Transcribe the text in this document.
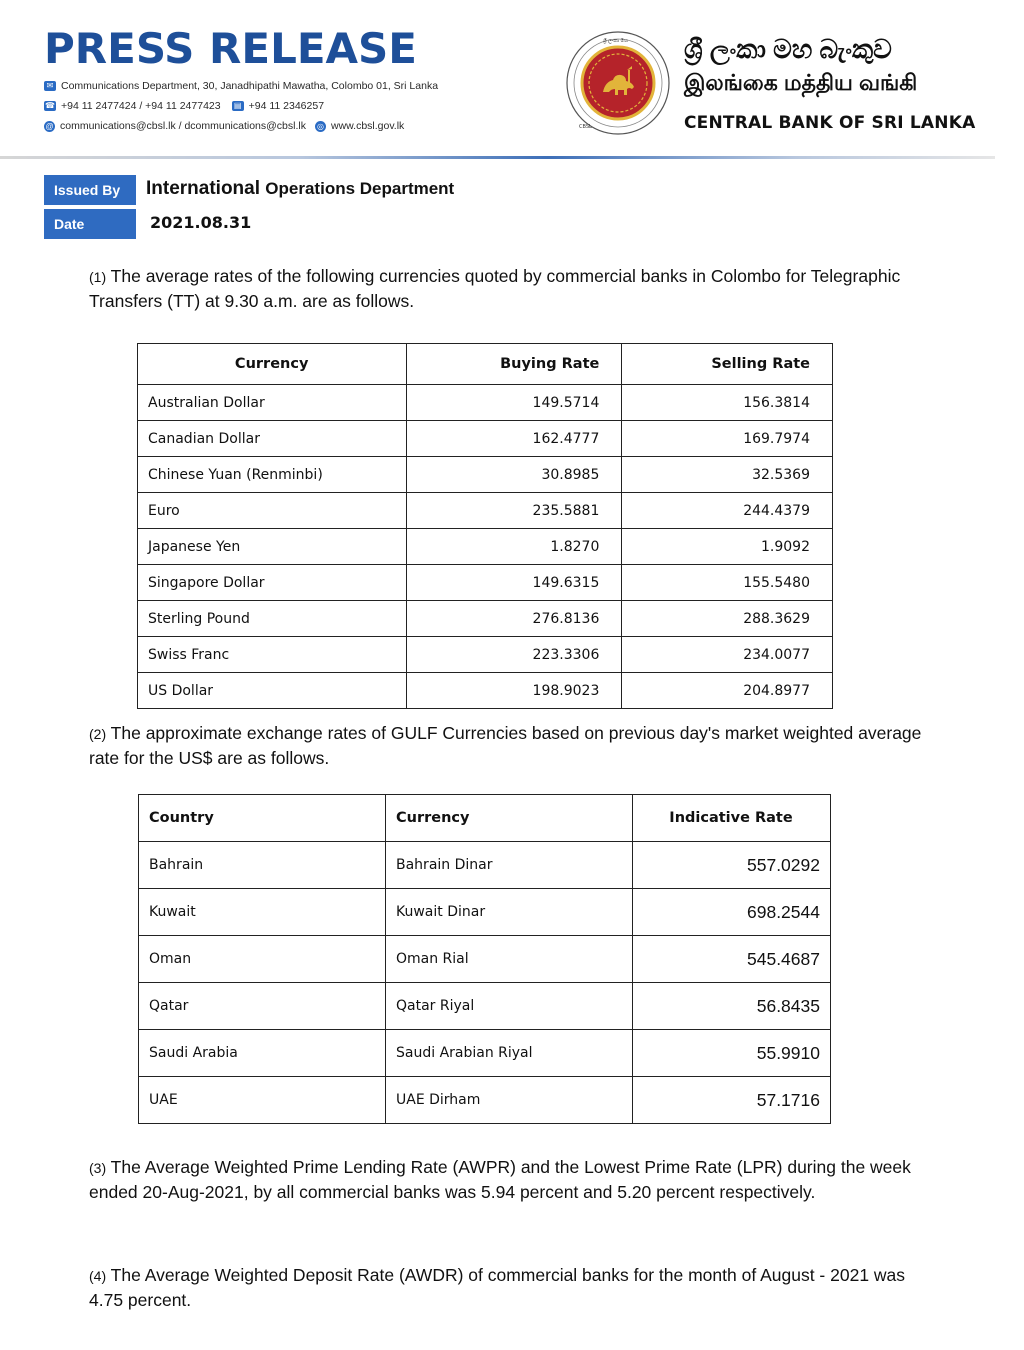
PRESS RELEASE
✉ Communications Department, 30, Janadhipathi Mawatha, Colombo 01, Sri Lanka
☎ +94 11 2477424 / +94 11 2477423 ▤ +94 11 2346257
@ communications@cbsl.lk / dcommunications@cbsl.lk ◎ www.cbsl.gov.lk
ශ්‍රී ලංකා මහ
CBSL
ශ්‍රී ලංකා මහ බැංකුව
இலங்கை மத்திய வங்கி
CENTRAL BANK OF SRI LANKA
Issued By	International Operations Department
Date	2021.08.31
(1) The average rates of the following currencies quoted by commercial banks in Colombo for Telegraphic Transfers (TT) at 9.30 a.m. are as follows.
Currency	Buying Rate	Selling Rate
Australian Dollar	149.5714	156.3814
Canadian Dollar	162.4777	169.7974
Chinese Yuan (Renminbi)	30.8985	32.5369
Euro	235.5881	244.4379
Japanese Yen	1.8270	1.9092
Singapore Dollar	149.6315	155.5480
Sterling Pound	276.8136	288.3629
Swiss Franc	223.3306	234.0077
US Dollar	198.9023	204.8977
(2) The approximate exchange rates of GULF Currencies based on previous day's market weighted average rate for the US$ are as follows.
Country	Currency	Indicative Rate
Bahrain	Bahrain Dinar	557.0292
Kuwait	Kuwait Dinar	698.2544
Oman	Oman Rial	545.4687
Qatar	Qatar Riyal	56.8435
Saudi Arabia	Saudi Arabian Riyal	55.9910
UAE	UAE Dirham	57.1716
(3) The Average Weighted Prime Lending Rate (AWPR) and the Lowest Prime Rate (LPR) during the week ended 20-Aug-2021, by all commercial banks was 5.94 percent and 5.20 percent respectively.
(4) The Average Weighted Deposit Rate (AWDR) of commercial banks for the month of August - 2021 was 4.75 percent.
